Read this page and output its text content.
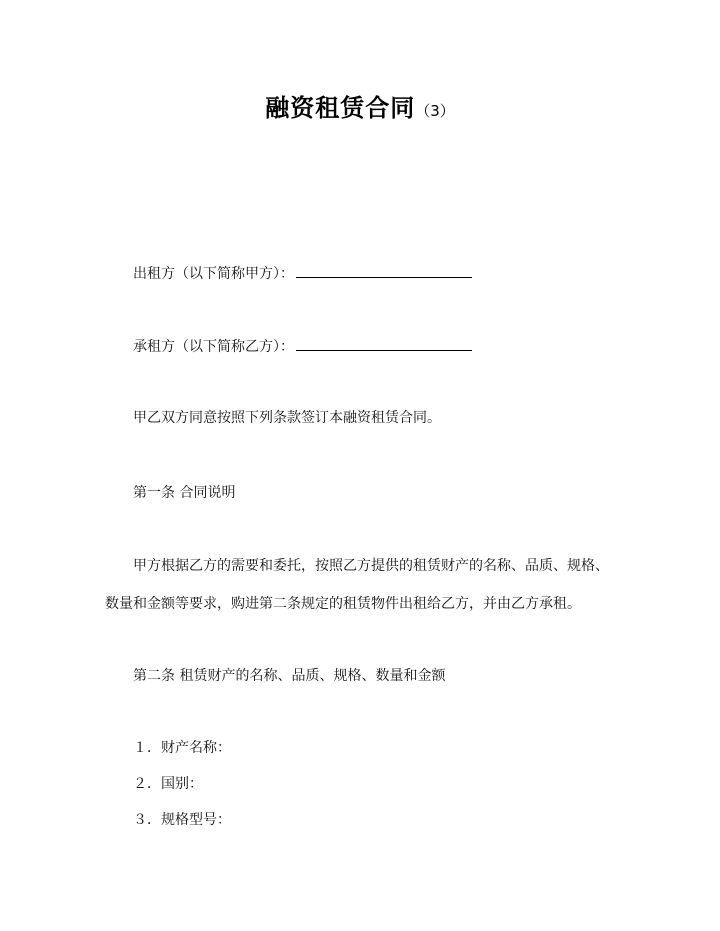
融资租赁合同（3）
出租方（以下简称甲方）：
承租方（以下简称乙方）：
甲乙双方同意按照下列条款签订本融资租赁合同。
第一条 合同说明
甲方根据乙方的需要和委托，按照乙方提供的租赁财产的名称、品质、规格、
数量和金额等要求，购进第二条规定的租赁物件出租给乙方，并由乙方承租。
第二条 租赁财产的名称、品质、规格、数量和金额
１．财产名称：
２．国别：
３．规格型号：
